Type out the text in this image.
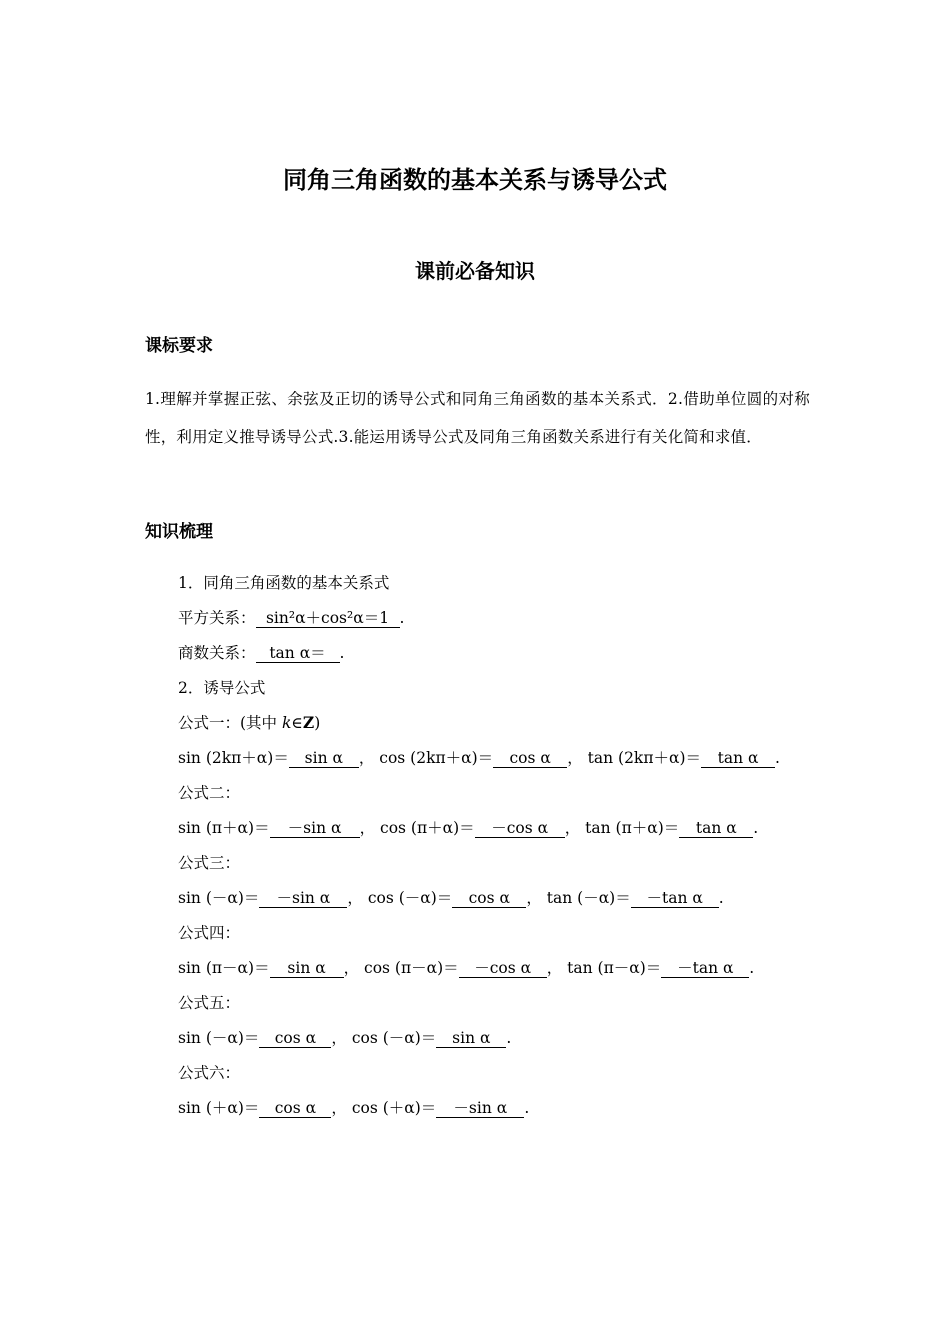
同角三角函数的基本关系与诱导公式
课前必备知识
课标要求
1.理解并掌握正弦、余弦及正切的诱导公式和同角三角函数的基本关系式．2.借助单位圆的对称性，利用定义推导诱导公式.3.能运用诱导公式及同角三角函数关系进行有关化简和求值．
知识梳理
1．同角三角函数的基本关系式
平方关系： sin²α＋cos²α＝1 .
商数关系： tan α＝ .
2．诱导公式
公式一：(其中 k∈Z)
sin (2kπ＋α)＝ sin α ， cos (2kπ＋α)＝ cos α ， tan (2kπ＋α)＝ tan α .
公式二：
sin (π＋α)＝ －sin α ， cos (π＋α)＝ －cos α ， tan (π＋α)＝ tan α .
公式三：
sin (－α)＝ －sin α ， cos (－α)＝ cos α ， tan (－α)＝ －tan α .
公式四：
sin (π－α)＝ sin α ， cos (π－α)＝ －cos α ， tan (π－α)＝ －tan α .
公式五：
sin (－α)＝ cos α ， cos (－α)＝ sin α .
公式六：
sin (＋α)＝ cos α ， cos (＋α)＝ －sin α .
